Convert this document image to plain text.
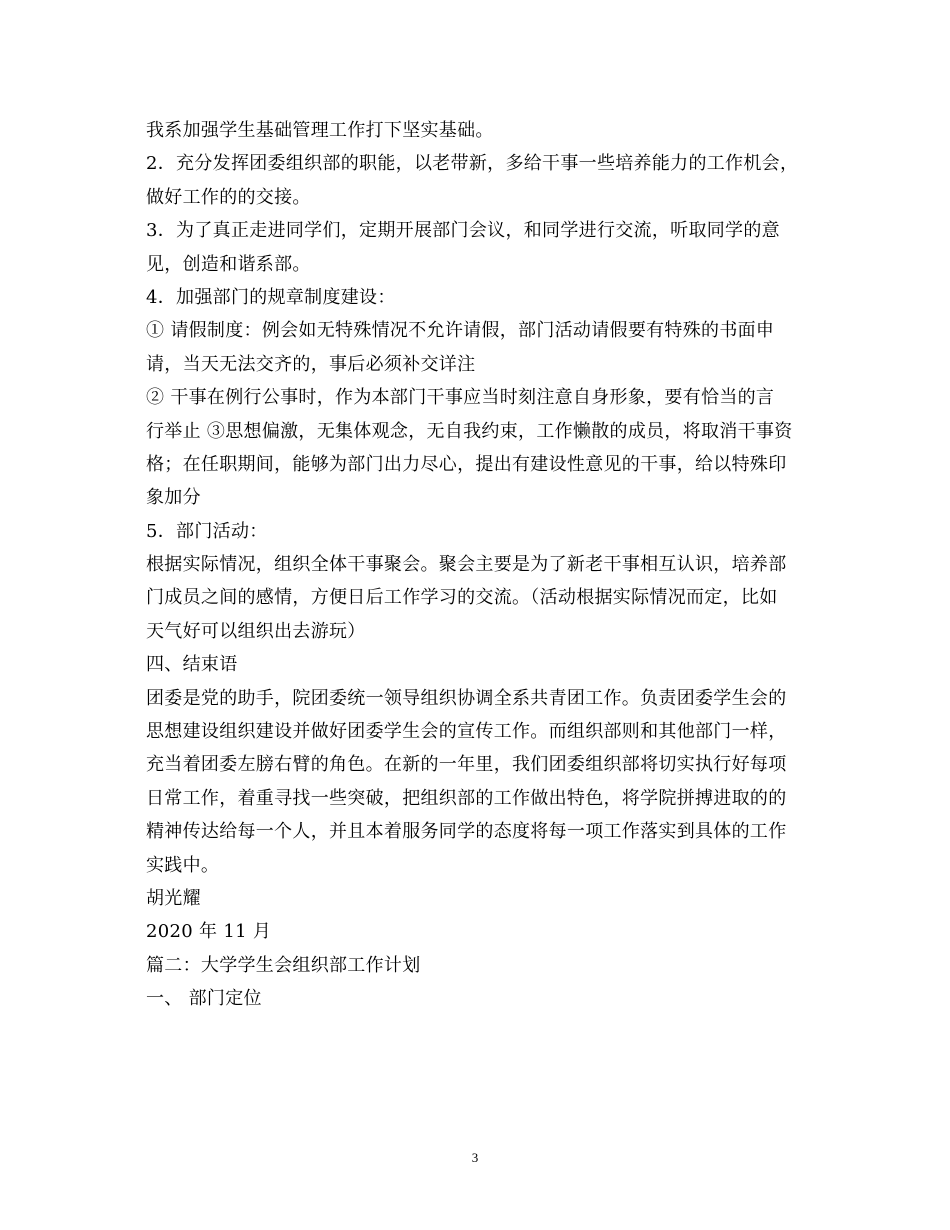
我系加强学生基础管理工作打下坚实基础。
2．充分发挥团委组织部的职能，以老带新，多给干事一些培养能力的工作机会，
做好工作的的交接。
3．为了真正走进同学们，定期开展部门会议，和同学进行交流，听取同学的意
见，创造和谐系部。
4．加强部门的规章制度建设：
① 请假制度：例会如无特殊情况不允许请假，部门活动请假要有特殊的书面申
请，当天无法交齐的，事后必须补交详注
② 干事在例行公事时，作为本部门干事应当时刻注意自身形象，要有恰当的言
行举止 ③思想偏激，无集体观念，无自我约束，工作懒散的成员，将取消干事资
格；在任职期间，能够为部门出力尽心，提出有建设性意见的干事，给以特殊印
象加分
5．部门活动：
根据实际情况，组织全体干事聚会。聚会主要是为了新老干事相互认识，培养部
门成员之间的感情，方便日后工作学习的交流。（活动根据实际情况而定，比如
天气好可以组织出去游玩）
四、结束语
团委是党的助手，院团委统一领导组织协调全系共青团工作。负责团委学生会的
思想建设组织建设并做好团委学生会的宣传工作。而组织部则和其他部门一样，
充当着团委左膀右臂的角色。在新的一年里，我们团委组织部将切实执行好每项
日常工作，着重寻找一些突破，把组织部的工作做出特色，将学院拼搏进取的的
精神传达给每一个人，并且本着服务同学的态度将每一项工作落实到具体的工作
实践中。
胡光耀
2020 年 11 月
篇二：大学学生会组织部工作计划
一、 部门定位
3
